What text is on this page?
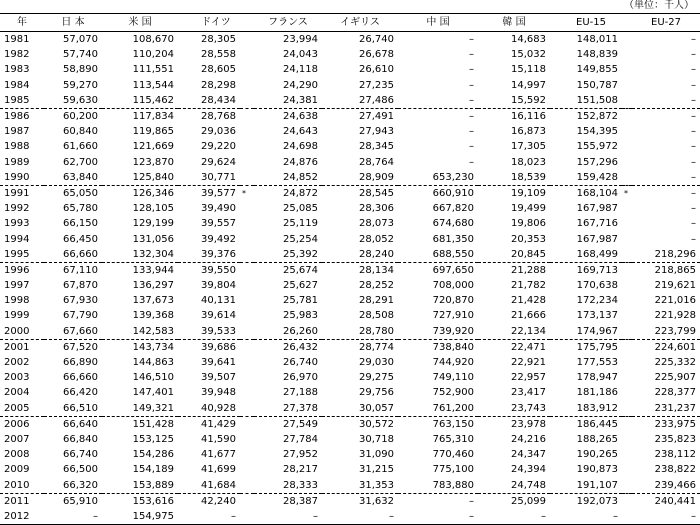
（単位：千人）
年	日 本	米 国	ドイツ		フランス	イギリス	中 国	韓 国	EU-15		EU-27
1981	57,070	108,670	28,305		23,994	26,740	–	14,683	148,011		–
1982	57,740	110,204	28,558		24,043	26,678	–	15,032	148,839		–
1983	58,890	111,551	28,605		24,118	26,610	–	15,118	149,855		–
1984	59,270	113,544	28,298		24,290	27,235	–	14,997	150,787		–
1985	59,630	115,462	28,434		24,381	27,486	–	15,592	151,508		–
1986	60,200	117,834	28,768		24,638	27,491	–	16,116	152,872		–
1987	60,840	119,865	29,036		24,643	27,943	–	16,873	154,395		–
1988	61,660	121,669	29,220		24,698	28,345	–	17,305	155,972		–
1989	62,700	123,870	29,624		24,876	28,764	–	18,023	157,296		–
1990	63,840	125,840	30,771		24,852	28,909	653,230	18,539	159,428		–
1991	65,050	126,346	39,577	*	24,872	28,545	660,910	19,109	168,104	*	–
1992	65,780	128,105	39,490		25,085	28,306	667,820	19,499	167,987		–
1993	66,150	129,199	39,557		25,119	28,073	674,680	19,806	167,716		–
1994	66,450	131,056	39,492		25,254	28,052	681,350	20,353	167,987		–
1995	66,660	132,304	39,376		25,392	28,240	688,550	20,845	168,499		218,296
1996	67,110	133,944	39,550		25,674	28,134	697,650	21,288	169,713		218,865
1997	67,870	136,297	39,804		25,627	28,252	708,000	21,782	170,638		219,621
1998	67,930	137,673	40,131		25,781	28,291	720,870	21,428	172,234		221,016
1999	67,790	139,368	39,614		25,983	28,508	727,910	21,666	173,137		221,928
2000	67,660	142,583	39,533		26,260	28,780	739,920	22,134	174,967		223,799
2001	67,520	143,734	39,686		26,432	28,774	738,840	22,471	175,795		224,601
2002	66,890	144,863	39,641		26,740	29,030	744,920	22,921	177,553		225,332
2003	66,660	146,510	39,507		26,970	29,275	749,110	22,957	178,947		225,907
2004	66,420	147,401	39,948		27,188	29,756	752,900	23,417	181,186		228,377
2005	66,510	149,321	40,928		27,378	30,057	761,200	23,743	183,912		231,237
2006	66,640	151,428	41,429		27,549	30,572	763,150	23,978	186,445		233,975
2007	66,840	153,125	41,590		27,784	30,718	765,310	24,216	188,265		235,823
2008	66,740	154,286	41,677		27,952	31,090	770,460	24,347	190,265		238,112
2009	66,500	154,189	41,699		28,217	31,215	775,100	24,394	190,873		238,822
2010	66,320	153,889	41,684		28,333	31,353	783,880	24,748	191,107		239,466
2011	65,910	153,616	42,240		28,387	31,632	–	25,099	192,073		240,441
2012	–	154,975	–		–	–	–	–	–		–
